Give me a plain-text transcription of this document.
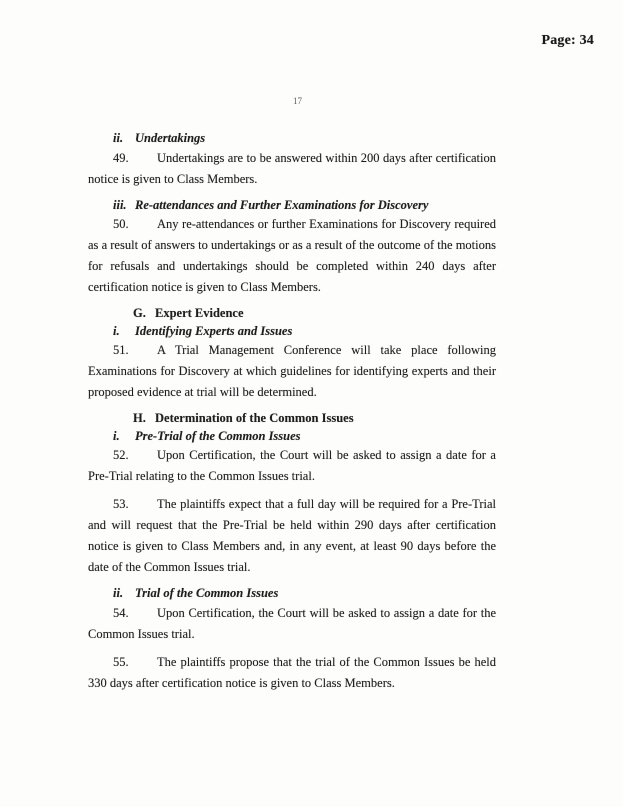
Page: 34
17
ii. Undertakings
49. Undertakings are to be answered within 200 days after certification notice is given to Class Members.
iii. Re-attendances and Further Examinations for Discovery
50. Any re-attendances or further Examinations for Discovery required as a result of answers to undertakings or as a result of the outcome of the motions for refusals and undertakings should be completed within 240 days after certification notice is given to Class Members.
G. Expert Evidence
i. Identifying Experts and Issues
51. A Trial Management Conference will take place following Examinations for Discovery at which guidelines for identifying experts and their proposed evidence at trial will be determined.
H. Determination of the Common Issues
i. Pre-Trial of the Common Issues
52. Upon Certification, the Court will be asked to assign a date for a Pre-Trial relating to the Common Issues trial.
53. The plaintiffs expect that a full day will be required for a Pre-Trial and will request that the Pre-Trial be held within 290 days after certification notice is given to Class Members and, in any event, at least 90 days before the date of the Common Issues trial.
ii. Trial of the Common Issues
54. Upon Certification, the Court will be asked to assign a date for the Common Issues trial.
55. The plaintiffs propose that the trial of the Common Issues be held 330 days after certification notice is given to Class Members.
